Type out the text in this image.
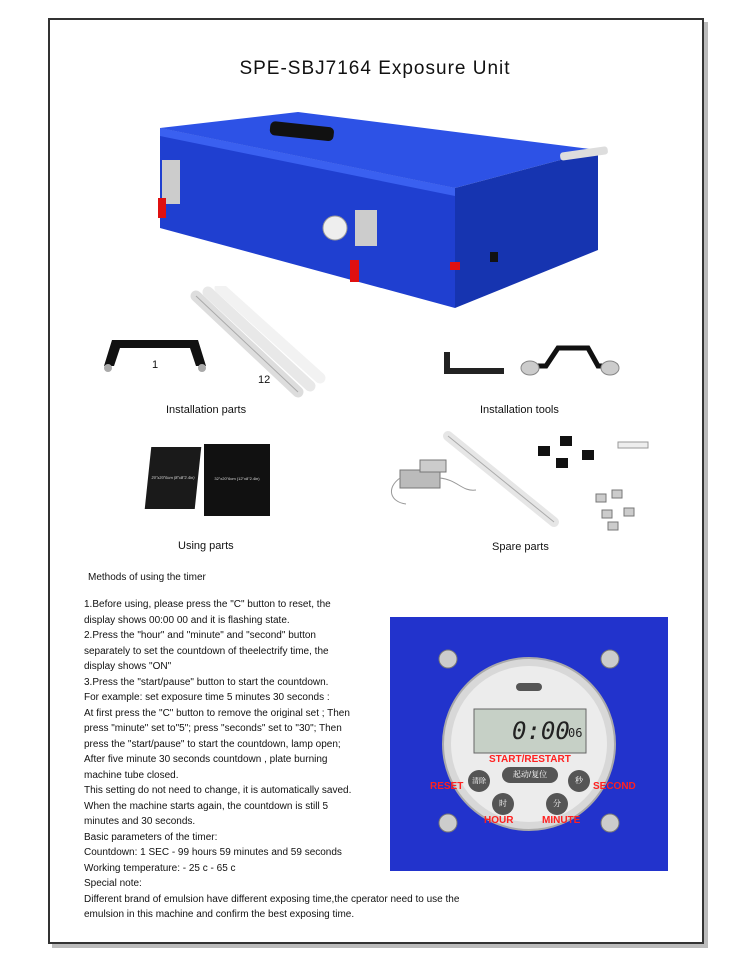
SPE-SBJ7164 Exposure Unit
1
12
Installation parts	Installation tools
20"x20"6cm (8"x8"2.4in)	32"x20"6cm (12"x8"2.4in)
Using parts	Spare parts
Methods of using the timer
1.Before using, please press the "C" button to reset, the
display shows 00:00 00 and it is flashing state.
2.Press the "hour" and "minute" and "second" button
separately to set the countdown of theelectrify time, the
display shows "ON"
3.Press the "start/pause" button to start the countdown.
For example: set exposure time 5 minutes 30 seconds :
At first press the "C" button to remove the original set ; Then
press "minute" set to"5"; press "seconds" set to "30"; Then
press the "start/pause" to start the countdown, lamp open;
After five minute 30 seconds countdown , plate burning
machine tube closed.
This setting do not need to change, it is automatically saved.
When the machine starts again, the countdown is still 5
minutes and 30 seconds.
Basic parameters of the timer:
Countdown: 1 SEC - 99 hours 59 minutes and 59 seconds
Working temperature: - 25 c - 65 c
Special note:
Different brand of emulsion have different exposing time,the cperator need to use the
emulsion in this machine and confirm the best exposing time.
0:00
06
START/RESTART
起动/复位
RESET 清除	SECOND
秒
时	分
HOUR	MINUTE
